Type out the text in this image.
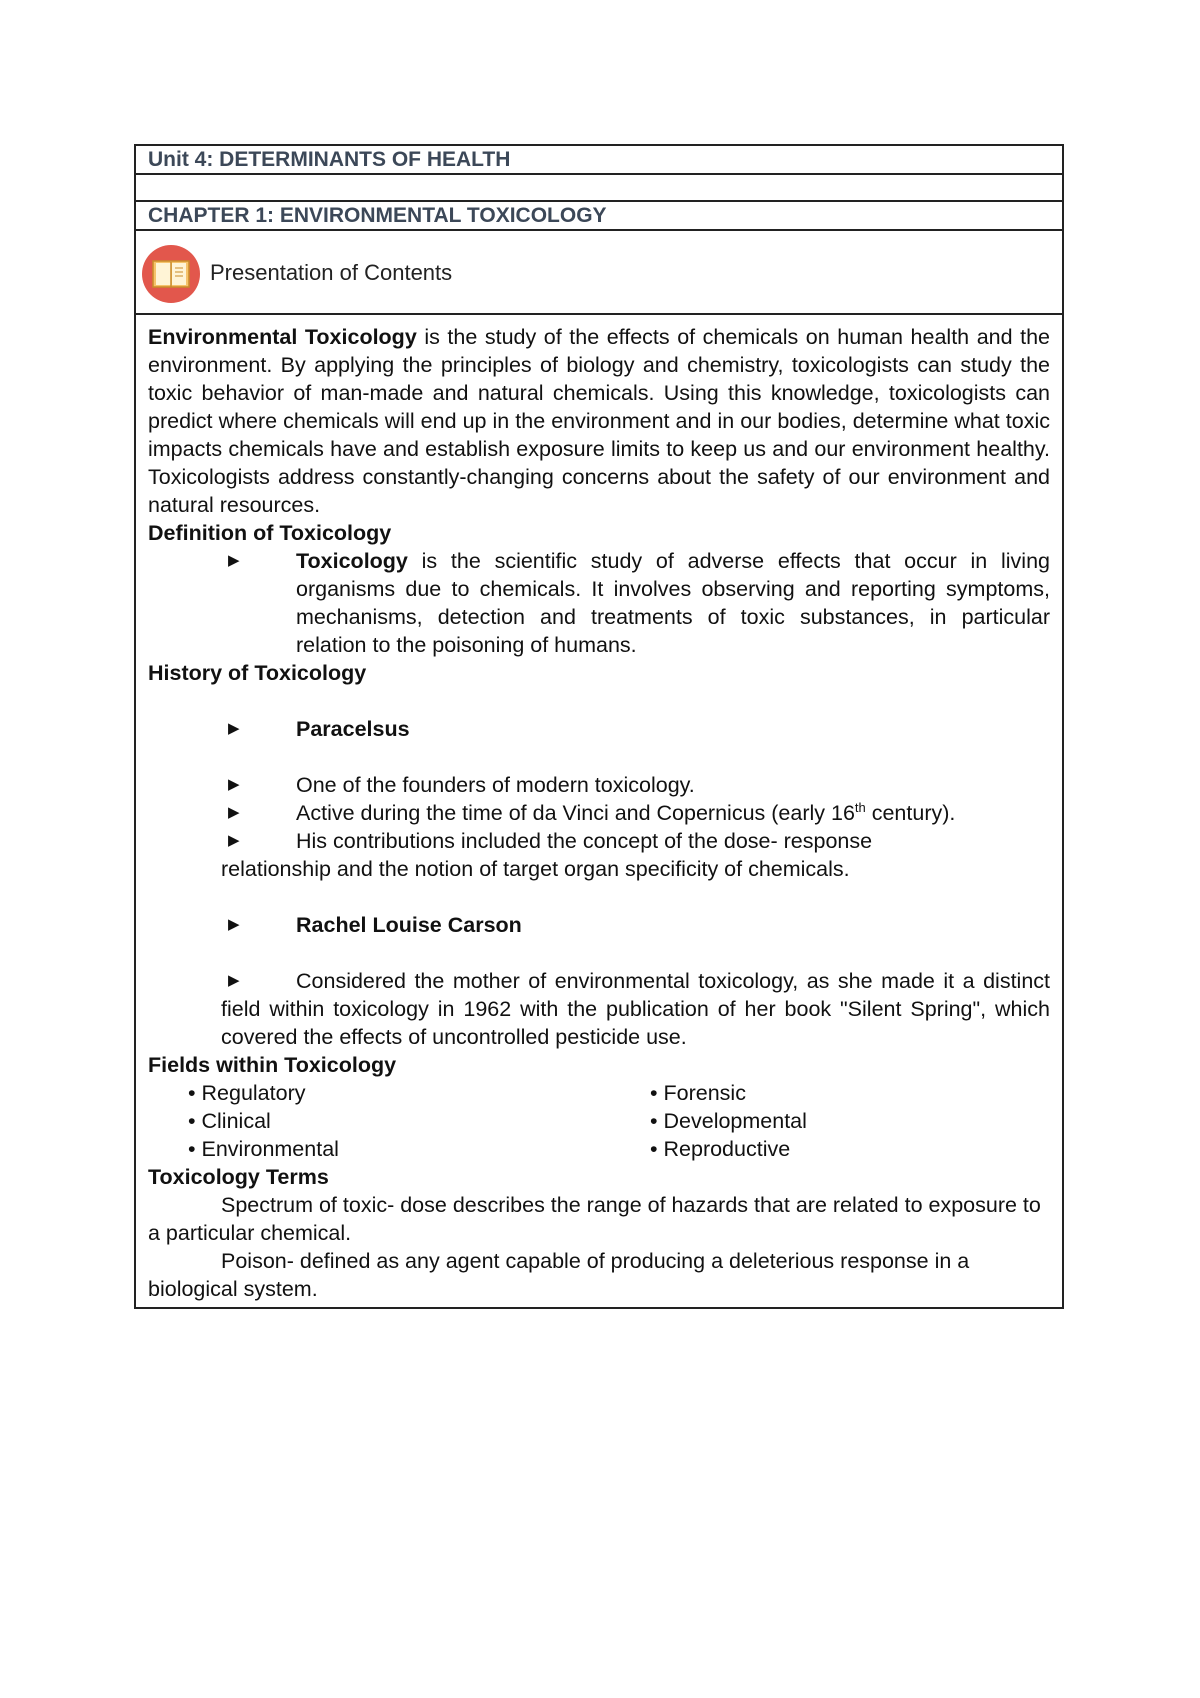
Unit 4: DETERMINANTS OF HEALTH
CHAPTER 1: ENVIRONMENTAL TOXICOLOGY
Presentation of Contents

Environmental Toxicology is the study of the effects of chemicals on human health and the environment. By applying the principles of biology and chemistry, toxicologists can study the toxic behavior of man-made and natural chemicals. Using this knowledge, toxicologists can predict where chemicals will end up in the environment and in our bodies, determine what toxic impacts chemicals have and establish exposure limits to keep us and our environment healthy. Toxicologists address constantly-changing concerns about the safety of our environment and natural resources.

Definition of Toxicology

▶	Toxicology is the scientific study of adverse effects that occur in living organisms due to chemicals. It involves observing and reporting symptoms, mechanisms, detection and treatments of toxic substances, in particular relation to the poisoning of humans.

History of Toxicology

▶	Paracelsus
▶	One of the founders of modern toxicology.
▶	Active during the time of da Vinci and Copernicus (early 16th century).
▶	His contributions included the concept of the dose- response
relationship and the notion of target organ specificity of chemicals.
▶	Rachel Louise Carson
▶	Considered the mother of environmental toxicology, as she made it a distinct field within toxicology in 1962 with the publication of her book "Silent Spring", which covered the effects of uncontrolled pesticide use.

Fields within Toxicology

• Regulatory
• Clinical
• Environmental
• Forensic
• Developmental
• Reproductive

Toxicology Terms

Spectrum of toxic- dose describes the range of hazards that are related to exposure to a particular chemical.

Poison- defined as any agent capable of producing a deleterious response in a biological system.
